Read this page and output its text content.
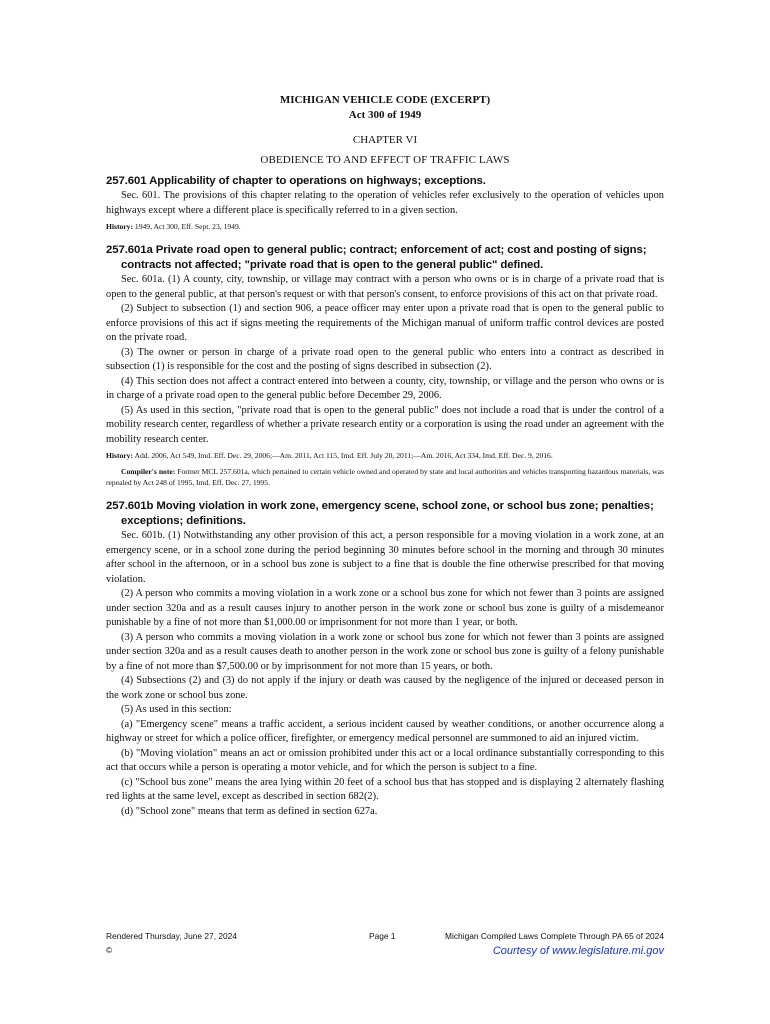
MICHIGAN VEHICLE CODE (EXCERPT)
Act 300 of 1949
CHAPTER VI
OBEDIENCE TO AND EFFECT OF TRAFFIC LAWS
257.601 Applicability of chapter to operations on highways; exceptions.

Sec. 601. The provisions of this chapter relating to the operation of vehicles refer exclusively to the operation of vehicles upon highways except where a different place is specifically referred to in a given section.

History: 1949, Act 300, Eff. Sept. 23, 1949.
257.601a Private road open to general public; contract; enforcement of act; cost and posting of signs; contracts not affected; "private road that is open to the general public" defined.

Sec. 601a. (1) A county, city, township, or village may contract with a person who owns or is in charge of a private road that is open to the general public, at that person's request or with that person's consent, to enforce provisions of this act on that private road.

(2) Subject to subsection (1) and section 906, a peace officer may enter upon a private road that is open to the general public to enforce provisions of this act if signs meeting the requirements of the Michigan manual of uniform traffic control devices are posted on the private road.

(3) The owner or person in charge of a private road open to the general public who enters into a contract as described in subsection (1) is responsible for the cost and the posting of signs described in subsection (2).

(4) This section does not affect a contract entered into between a county, city, township, or village and the person who owns or is in charge of a private road open to the general public before December 29, 2006.

(5) As used in this section, "private road that is open to the general public" does not include a road that is under the control of a mobility research center, regardless of whether a private research entity or a corporation is using the road under an agreement with the mobility research center.

History: Add. 2006, Act 549, Imd. Eff. Dec. 29, 2006;—Am. 2011, Act 115, Imd. Eff. July 20, 2011;—Am. 2016, Act 334, Imd. Eff. Dec. 9, 2016.
Compiler's note: Former MCL 257.601a, which pertained to certain vehicle owned and operated by state and local authorities and vehicles transporting hazardous materials, was repealed by Act 248 of 1995, Imd. Eff. Dec. 27, 1995.
257.601b Moving violation in work zone, emergency scene, school zone, or school bus zone; penalties; exceptions; definitions.

Sec. 601b. (1) Notwithstanding any other provision of this act, a person responsible for a moving violation in a work zone, at an emergency scene, or in a school zone during the period beginning 30 minutes before school in the morning and through 30 minutes after school in the afternoon, or in a school bus zone is subject to a fine that is double the fine otherwise prescribed for that moving violation.

(2) A person who commits a moving violation in a work zone or a school bus zone for which not fewer than 3 points are assigned under section 320a and as a result causes injury to another person in the work zone or school bus zone is guilty of a misdemeanor punishable by a fine of not more than $1,000.00 or imprisonment for not more than 1 year, or both.

(3) A person who commits a moving violation in a work zone or school bus zone for which not fewer than 3 points are assigned under section 320a and as a result causes death to another person in the work zone or school bus zone is guilty of a felony punishable by a fine of not more than $7,500.00 or by imprisonment for not more than 15 years, or both.

(4) Subsections (2) and (3) do not apply if the injury or death was caused by the negligence of the injured or deceased person in the work zone or school bus zone.

(5) As used in this section:

(a) "Emergency scene" means a traffic accident, a serious incident caused by weather conditions, or another occurrence along a highway or street for which a police officer, firefighter, or emergency medical personnel are summoned to aid an injured victim.

(b) "Moving violation" means an act or omission prohibited under this act or a local ordinance substantially corresponding to this act that occurs while a person is operating a motor vehicle, and for which the person is subject to a fine.

(c) "School bus zone" means the area lying within 20 feet of a school bus that has stopped and is displaying 2 alternately flashing red lights at the same level, except as described in section 682(2).

(d) "School zone" means that term as defined in section 627a.

Rendered Thursday, June 27, 2024	Page 1	Michigan Compiled Laws Complete Through PA 65 of 2024
©	Courtesy of www.legislature.mi.gov
